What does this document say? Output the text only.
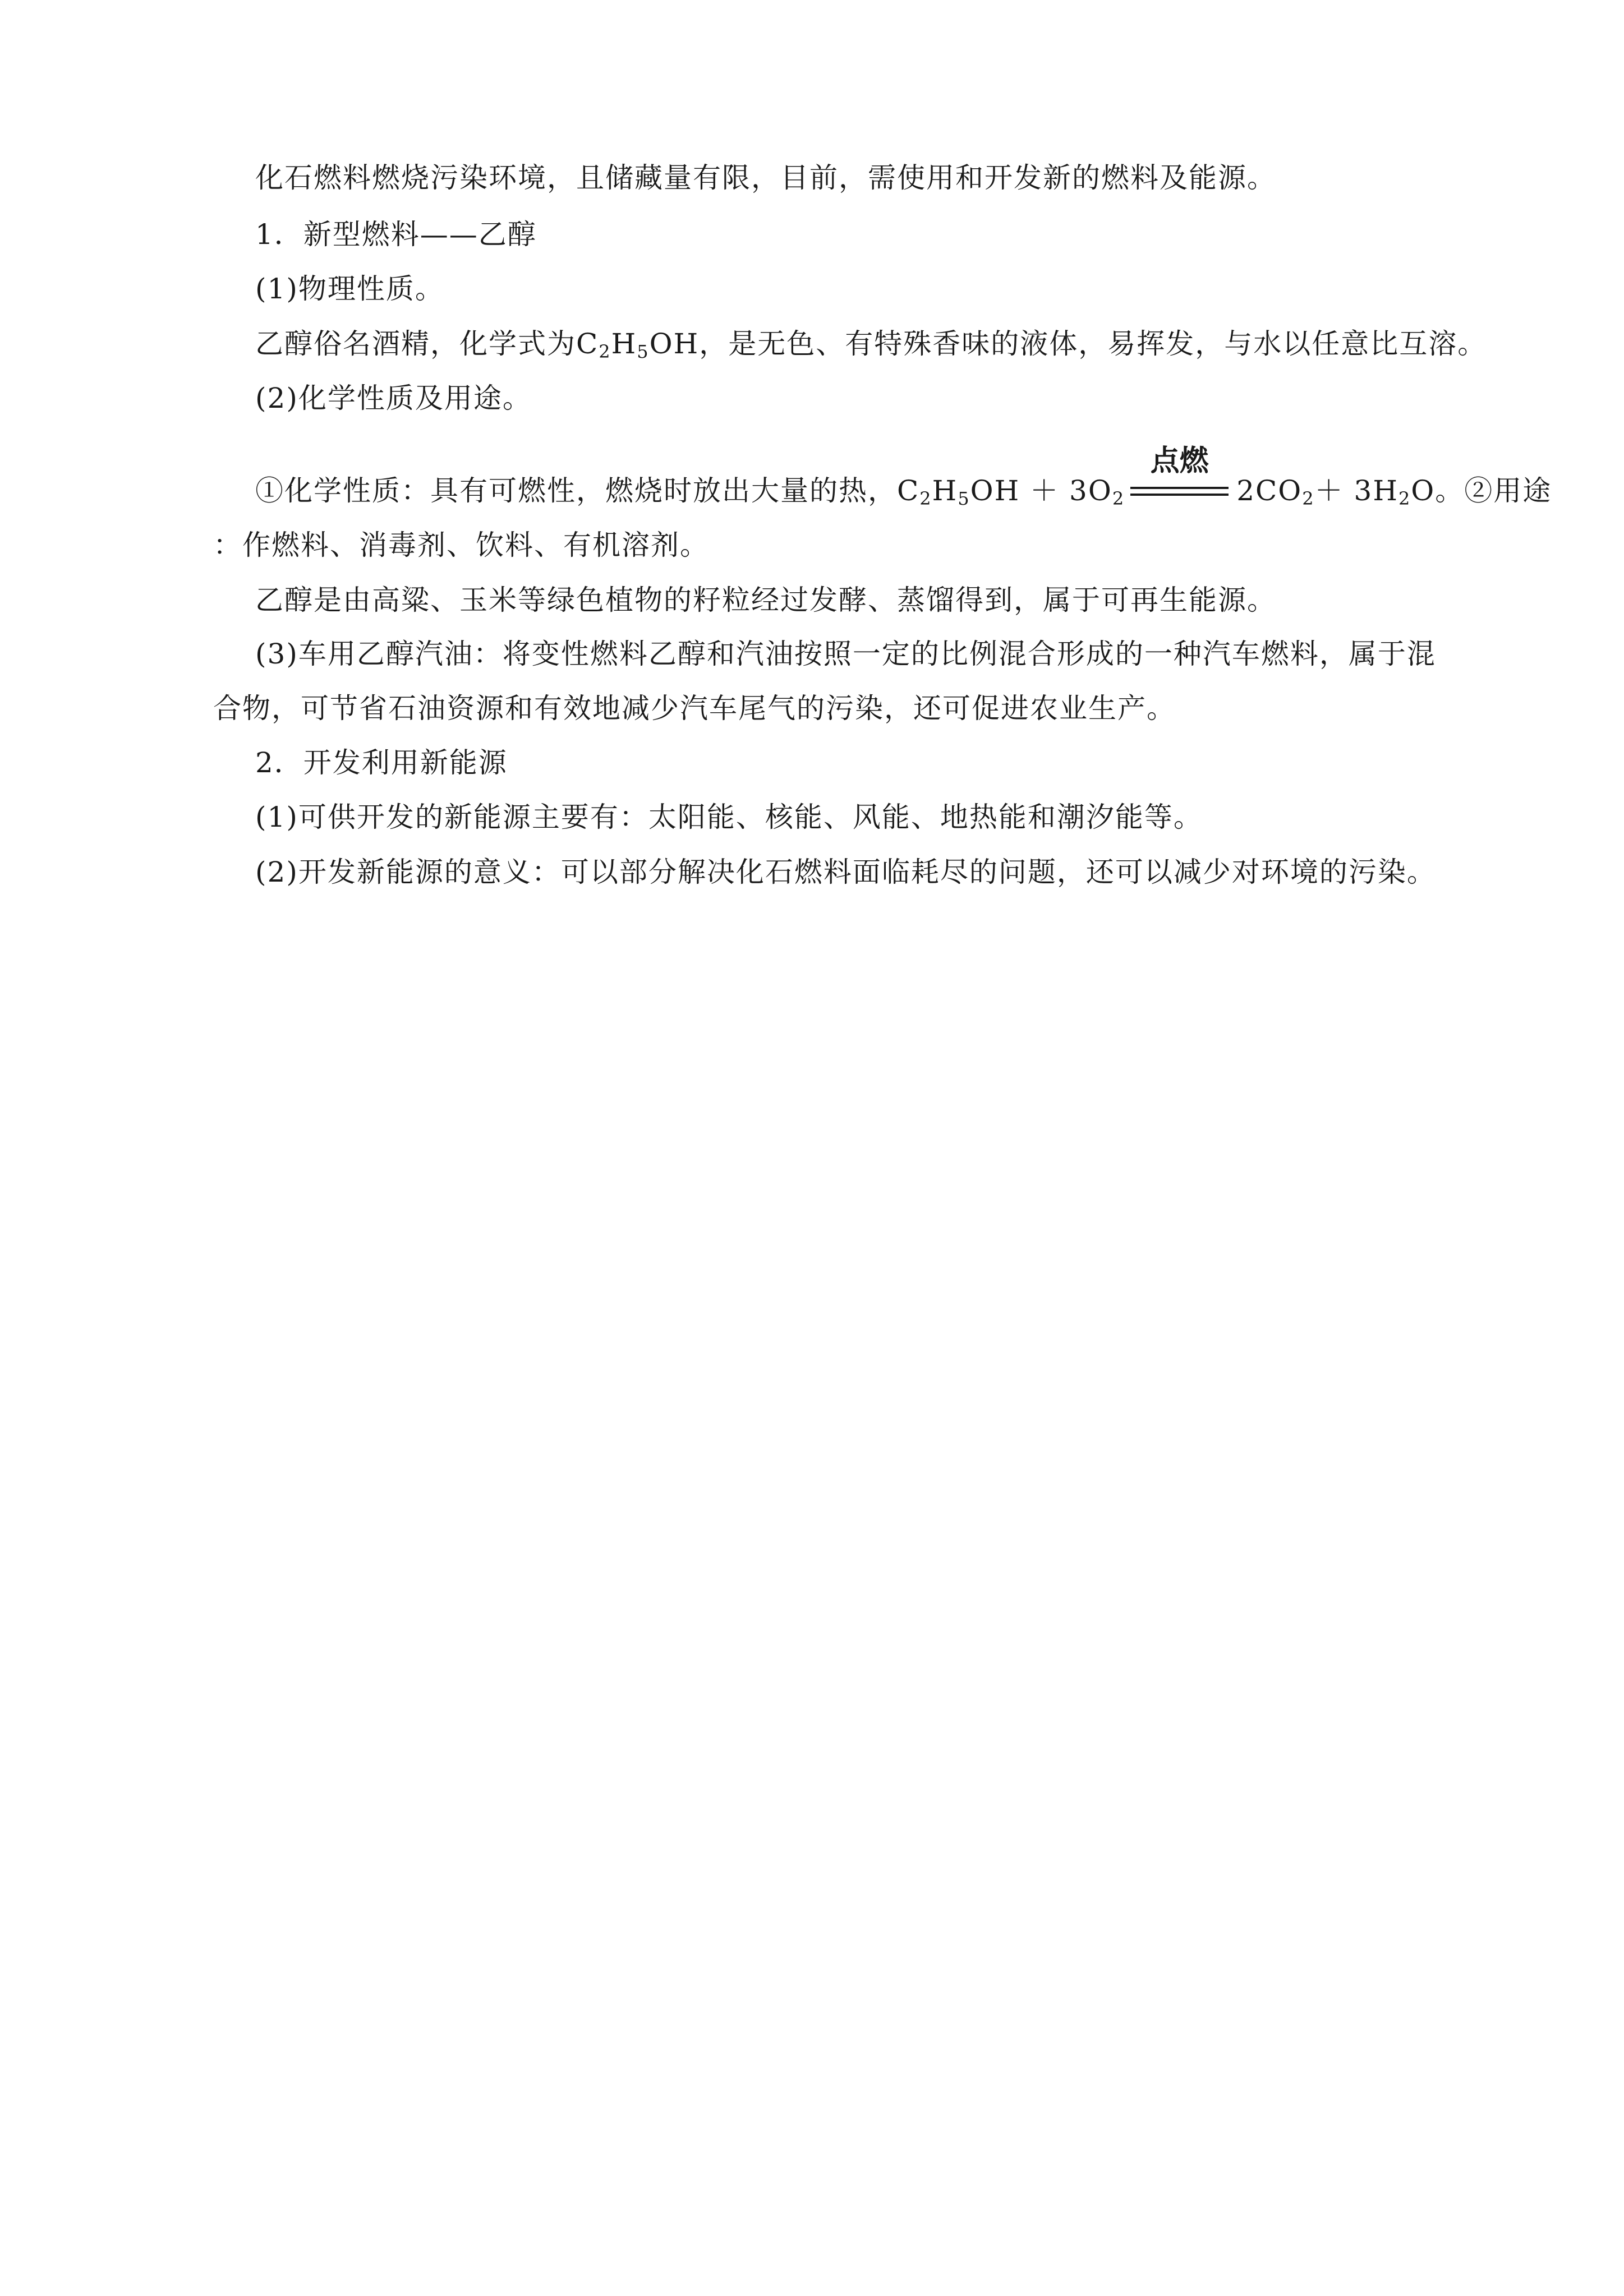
化石燃料燃烧污染环境，且储藏量有限，目前，需使用和开发新的燃料及能源。
1．新型燃料——乙醇
(1)物理性质。
乙醇俗名酒精，化学式为$C_2H_5OH$，是无色、有特殊香味的液体，易挥发，与水以任意比互溶。
(2)化学性质及用途。
①化学性质：具有可燃性，燃烧时放出大量的热，$C_2H_5OH + 3O_2$
点燃
$2CO_2+ 3H_2O$。②用途
：作燃料、消毒剂、饮料、有机溶剂。
乙醇是由高粱、玉米等绿色植物的籽粒经过发酵、蒸馏得到，属于可再生能源。
(3)车用乙醇汽油：将变性燃料乙醇和汽油按照一定的比例混合形成的一种汽车燃料，属于混
合物，可节省石油资源和有效地减少汽车尾气的污染，还可促进农业生产。
2．开发利用新能源
(1)可供开发的新能源主要有：太阳能、核能、风能、地热能和潮汐能等。
(2)开发新能源的意义：可以部分解决化石燃料面临耗尽的问题，还可以减少对环境的污染。
